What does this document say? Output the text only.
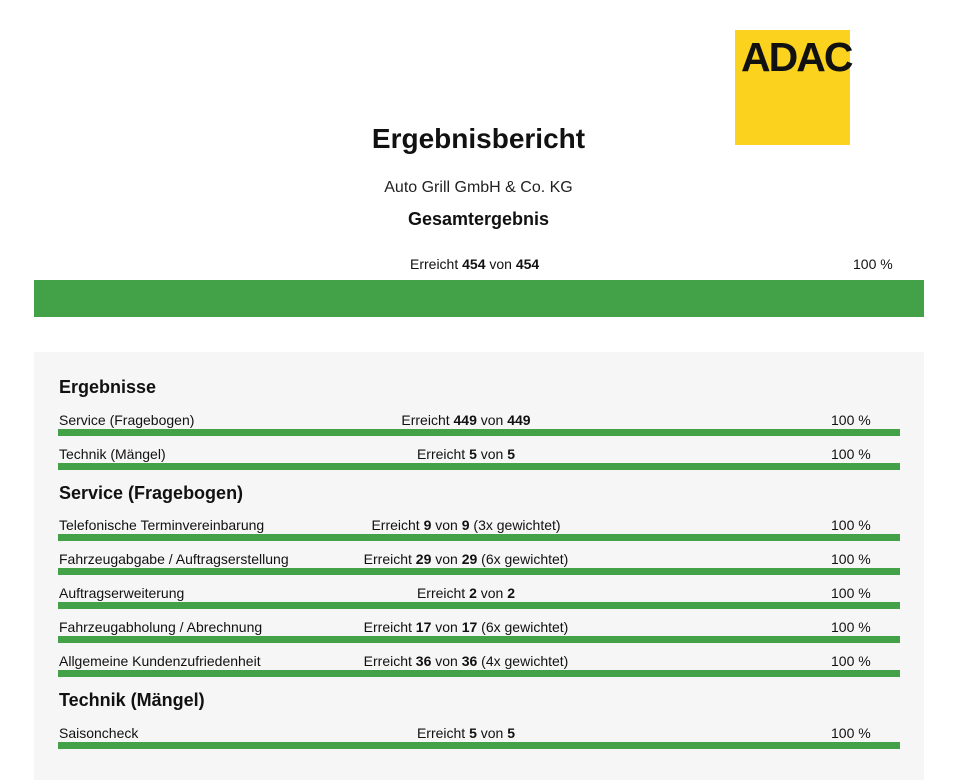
ADAC
Ergebnisbericht
Auto Grill GmbH & Co. KG
Gesamtergebnis
Erreicht 454 von 454	100 %
Ergebnisse
Service (Fragebogen)	Erreicht 449 von 449	100 %
Technik (Mängel)	Erreicht 5 von 5	100 %
Service (Fragebogen)
Telefonische Terminvereinbarung	Erreicht 9 von 9 (3x gewichtet)	100 %
Fahrzeugabgabe / Auftragserstellung	Erreicht 29 von 29 (6x gewichtet)	100 %
Auftragserweiterung	Erreicht 2 von 2	100 %
Fahrzeugabholung / Abrechnung	Erreicht 17 von 17 (6x gewichtet)	100 %
Allgemeine Kundenzufriedenheit	Erreicht 36 von 36 (4x gewichtet)	100 %
Technik (Mängel)
Saisoncheck	Erreicht 5 von 5	100 %
